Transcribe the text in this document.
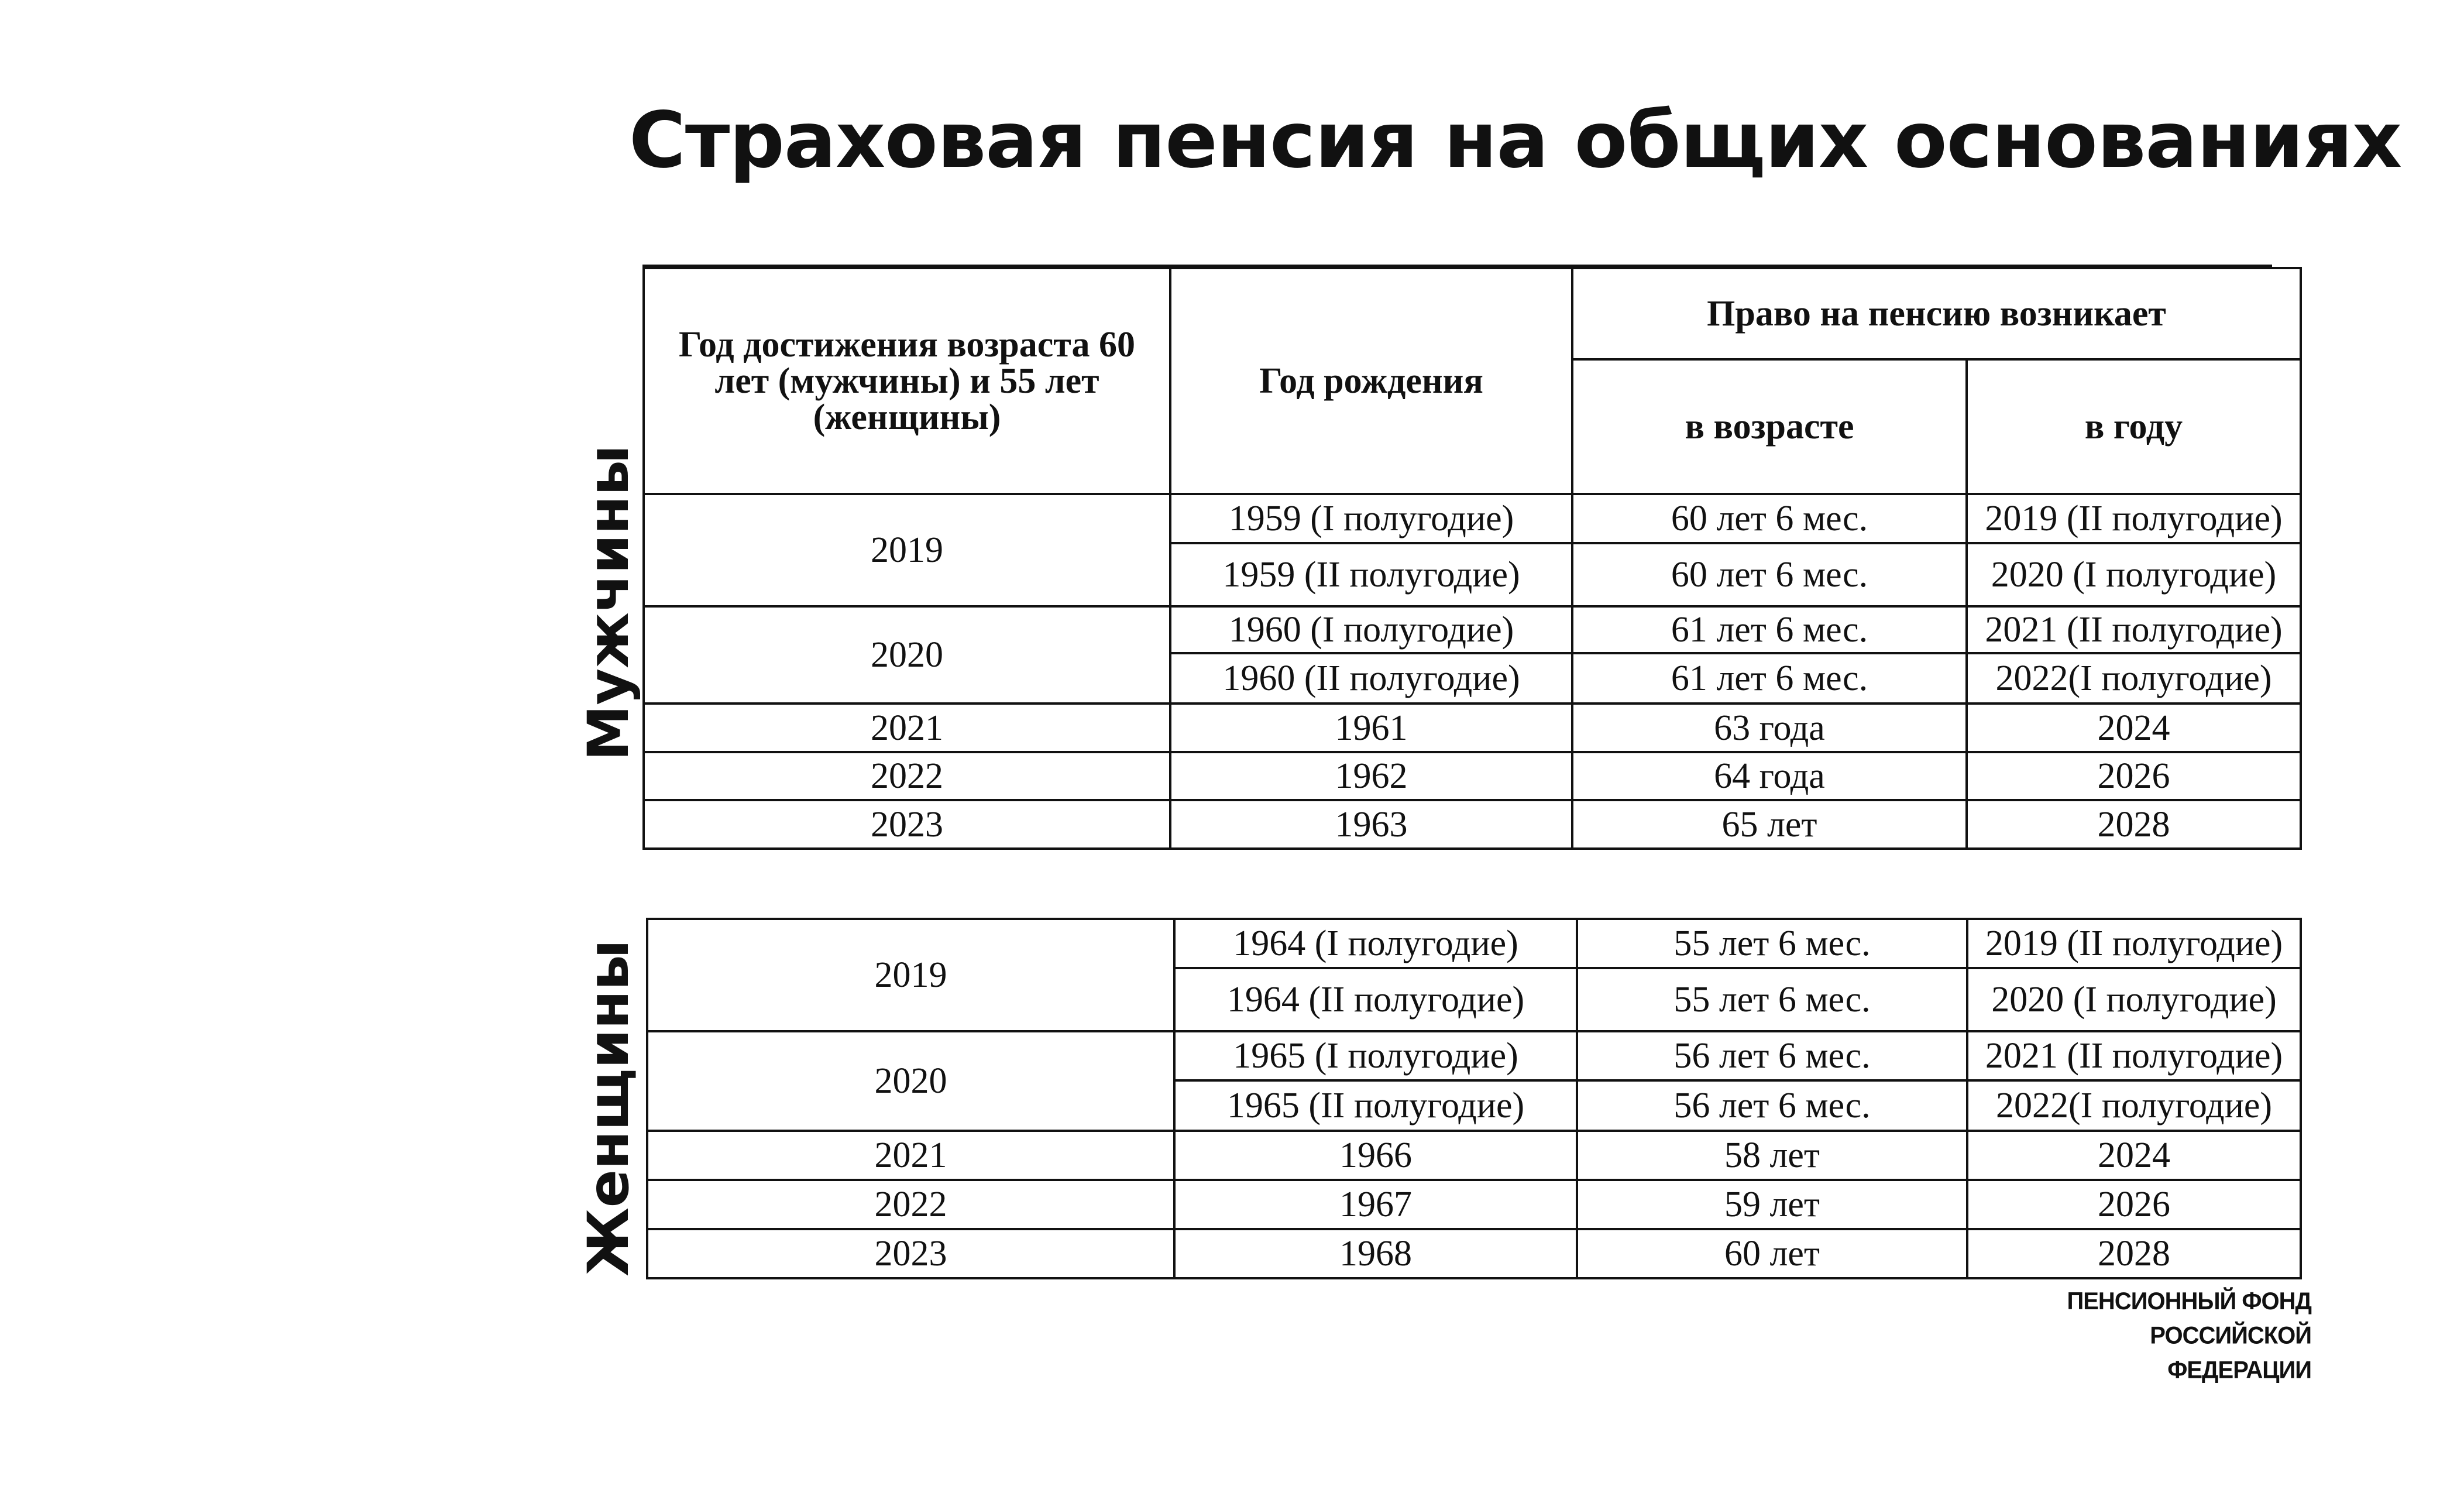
Страховая пенсия на общих основаниях
Мужчины
Год достижения возраста 60 лет (мужчины) и 55 лет (женщины)	Год рождения	Право на пенсию возникает	
		в возрасте	в году
2019	1959 (I полугодие)	60 лет 6 мес.	2019 (II полугодие)
	1959 (II полугодие)	60 лет 6 мес.	2020 (I полугодие)
2020	1960 (I полугодие)	61 лет 6 мес.	2021 (II полугодие)
	1960 (II полугодие)	61 лет 6 мес.	2022(I полугодие)
2021	1961	63 года	2024
2022	1962	64 года	2026
2023	1963	65 лет	2028
Женщины	2019	1964 (I полугодие)	55 лет 6 мес.	2019 (II полугодие)
	1964 (II полугодие)	55 лет 6 мес.	2020 (I полугодие)
2020	1965 (I полугодие)	56 лет 6 мес.	2021 (II полугодие)
	1965 (II полугодие)	56 лет 6 мес.	2022(I полугодие)
2021	1966	58 лет	2024
2022	1967	59 лет	2026
2023	1968	60 лет	2028
ПЕНСИОННЫЙ ФОНД
РОССИЙСКОЙ ФЕДЕРАЦИИ
